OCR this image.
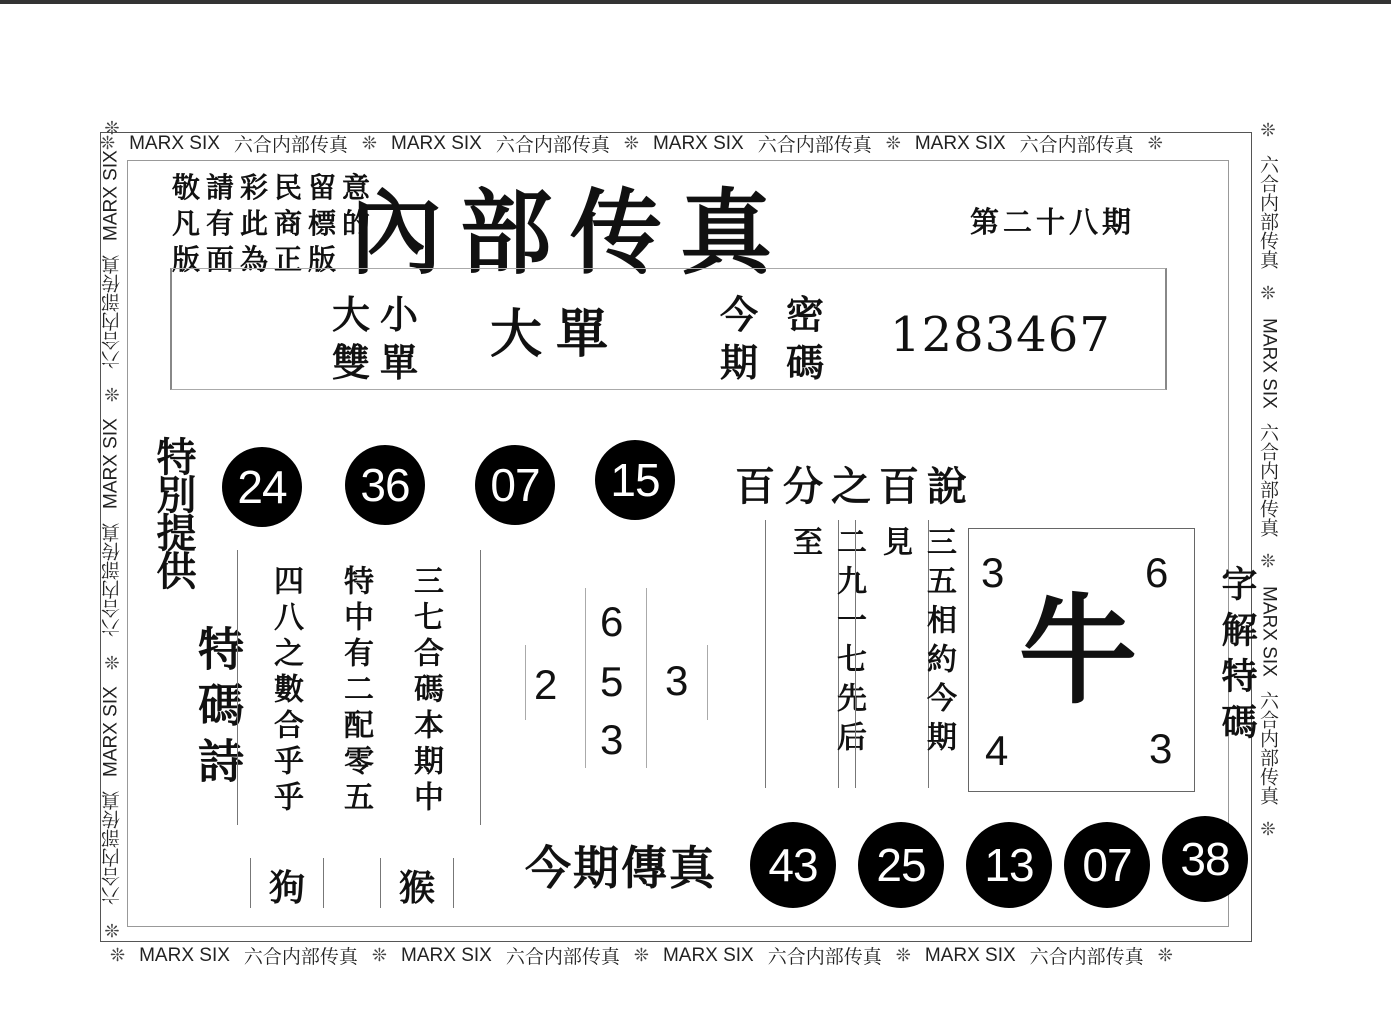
❊ MARX SIX 六合内部传真 ❊ MARX SIX 六合内部传真 ❊ MARX SIX 六合内部传真 ❊ MARX SIX 六合内部传真 ❊
❊ MARX SIX 六合内部传真 ❊ MARX SIX 六合内部传真 ❊ MARX SIX 六合内部传真 ❊ MARX SIX 六合内部传真 ❊
❊
六合内部传真
MARX SIX
❊
六合内部传真
MARX SIX
❊
六合内部传真
MARX SIX
❊	❊
六合内部传真
❊
MARX SIX
六合内部传真
❊
MARX SIX
六合内部传真
❊
敬請彩民留意
凡有此商標的
版面為正版 內部传真	第二十八期
大小
雙單 大單	今密
期碼 1283467
特別提供 24	36	07	15	百分之百說
特碼詩	三七合碼本期中
特中有二配零五
四八之數合乎乎
狗	猴
2
6
5
3
3	二九一七先后至	三五相約今期見
3	6
4	3
牛 字解特碼
今期傳真	43	25	13	07	38
